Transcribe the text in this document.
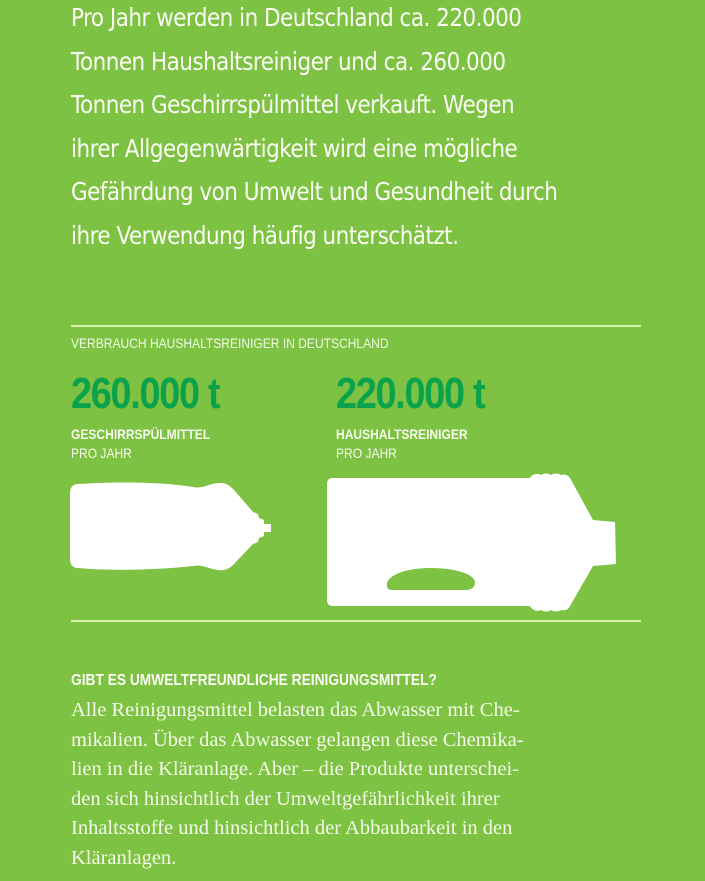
Pro Jahr werden in Deutschland ca. 220.000
Tonnen Haushaltsreiniger und ca. 260.000
Tonnen Geschirrspülmittel verkauft. Wegen
ihrer Allgegenwärtigkeit wird eine mögliche
Gefährdung von Umwelt und Gesundheit durch
ihre Verwendung häufig unterschätzt.
VERBRAUCH HAUSHALTSREINIGER IN DEUTSCHLAND
260.000 t
GESCHIRRSPÜLMITTEL
PRO JAHR
220.000 t
HAUSHALTSREINIGER
PRO JAHR
GIBT ES UMWELTFREUNDLICHE REINIGUNGSMITTEL?
Alle Reinigungsmittel belasten das Abwasser mit Che-
mikalien. Über das Abwasser gelangen diese Chemika-
lien in die Kläranlage. Aber – die Produkte unterschei-
den sich hinsichtlich der Umweltgefährlichkeit ihrer
Inhaltsstoffe und hinsichtlich der Abbaubarkeit in den
Kläranlagen.
